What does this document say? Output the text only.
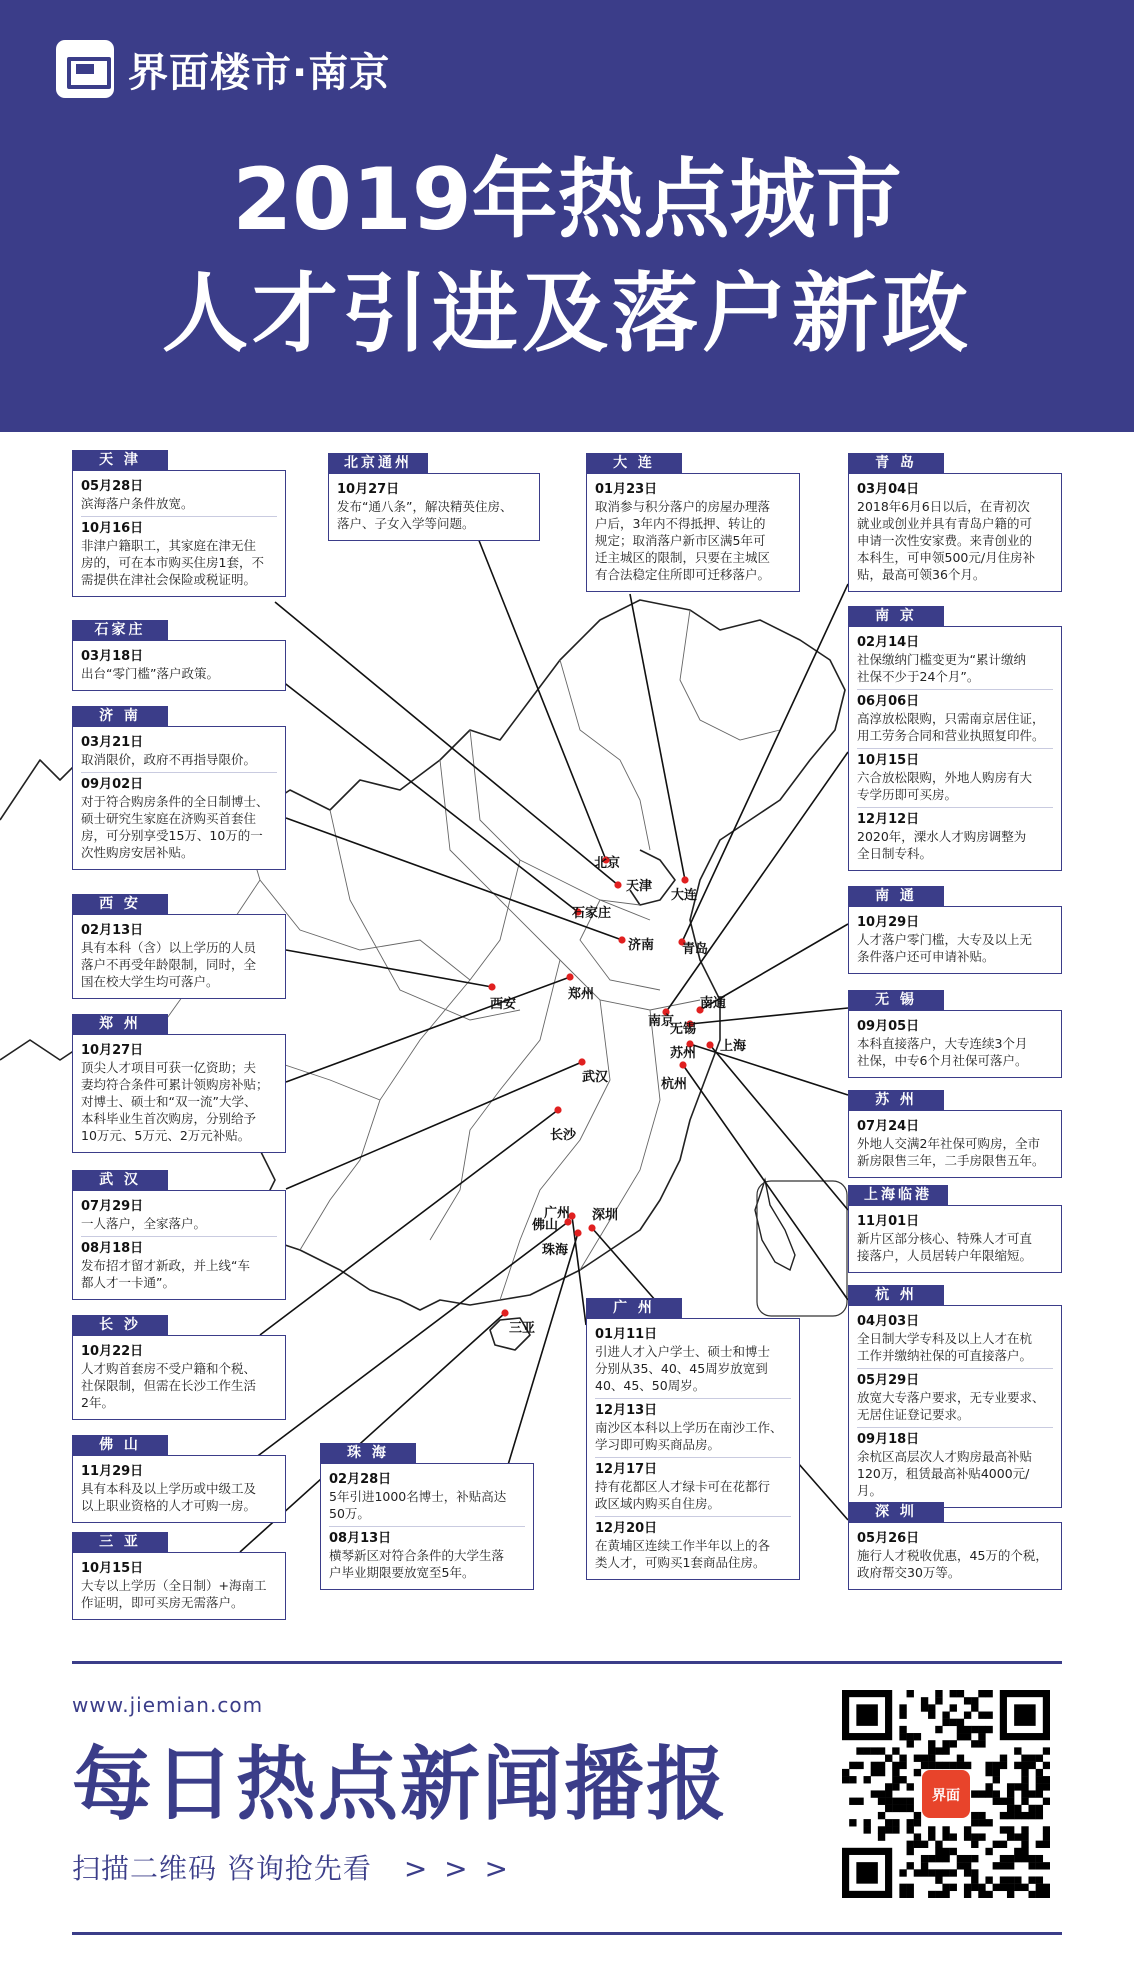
界面楼市·南京
2019年热点城市
人才引进及落户新政
北京
天津
大连
石家庄
济南 青岛
西安
郑州
南京
无锡
南通
上海
苏州
杭州
武汉
长沙
广州 深圳
佛山
珠海
三亚
天 津
05月28日
滨海落户条件放宽。
10月16日
非津户籍职工，其家庭在津无住
房的，可在本市购买住房1套，不
需提供在津社会保险或税证明。
北京通州
10月27日
发布“通八条”，解决精英住房、
落户、子女入学等问题。
大 连
01月23日
取消参与积分落户的房屋办理落
户后，3年内不得抵押、转让的
规定；取消落户新市区满5年可
迁主城区的限制，只要在主城区
有合法稳定住所即可迁移落户。
青 岛
03月04日
2018年6月6日以后，在青初次
就业或创业并具有青岛户籍的可
申请一次性安家费。来青创业的
本科生，可申领500元/月住房补
贴，最高可领36个月。
石家庄
03月18日
出台“零门槛”落户政策。
南 京
02月14日
社保缴纳门槛变更为“累计缴纳
社保不少于24个月”。
06月06日
高淳放松限购，只需南京居住证，
用工劳务合同和营业执照复印件。
10月15日
六合放松限购，外地人购房有大
专学历即可买房。
12月12日
2020年，溧水人才购房调整为
全日制专科。
济 南
03月21日
取消限价，政府不再指导限价。
09月02日
对于符合购房条件的全日制博士、
硕士研究生家庭在济购买首套住
房，可分别享受15万、10万的一
次性购房安居补贴。
西 安
02月13日
具有本科（含）以上学历的人员
落户不再受年龄限制，同时，全
国在校大学生均可落户。
南 通
10月29日
人才落户零门槛，大专及以上无
条件落户还可申请补贴。
无 锡
09月05日
本科直接落户，大专连续3个月
社保，中专6个月社保可落户。
郑 州
10月27日
顶尖人才项目可获一亿资助；夫
妻均符合条件可累计领购房补贴；
对博士、硕士和“双一流”大学、
本科毕业生首次购房，分别给予
10万元、5万元、2万元补贴。
苏 州
07月24日
外地人交满2年社保可购房，全市
新房限售三年，二手房限售五年。
武 汉
07月29日
一人落户，全家落户。
08月18日
发布招才留才新政，并上线“车
都人才一卡通”。
上海临港
11月01日
新片区部分核心、特殊人才可直
接落户，人员居转户年限缩短。
杭 州
04月03日
全日制大学专科及以上人才在杭
工作并缴纳社保的可直接落户。
05月29日
放宽大专落户要求，无专业要求、
无居住证登记要求。
09月18日
余杭区高层次人才购房最高补贴
120万，租赁最高补贴4000元/月。
长 沙
10月22日
人才购首套房不受户籍和个税、
社保限制，但需在长沙工作生活
2年。
广 州
01月11日
引进人才入户学士、硕士和博士
分别从35、40、45周岁放宽到
40、45、50周岁。
12月13日
南沙区本科以上学历在南沙工作、
学习即可购买商品房。
12月17日
持有花都区人才绿卡可在花都行
政区域内购买自住房。
12月20日
在黄埔区连续工作半年以上的各
类人才，可购买1套商品住房。
佛 山
11月29日
具有本科及以上学历或中级工及
以上职业资格的人才可购一房。
珠 海
02月28日
5年引进1000名博士，补贴高达
50万。
08月13日
横琴新区对符合条件的大学生落
户毕业期限要放宽至5年。
深 圳
05月26日
施行人才税收优惠，45万的个税，
政府帮交30万等。
三 亚
10月15日
大专以上学历（全日制）+海南工
作证明，即可买房无需落户。
www.jiemian.com
每日热点新闻播报
扫描二维码 咨询抢先看 > > >
界面
